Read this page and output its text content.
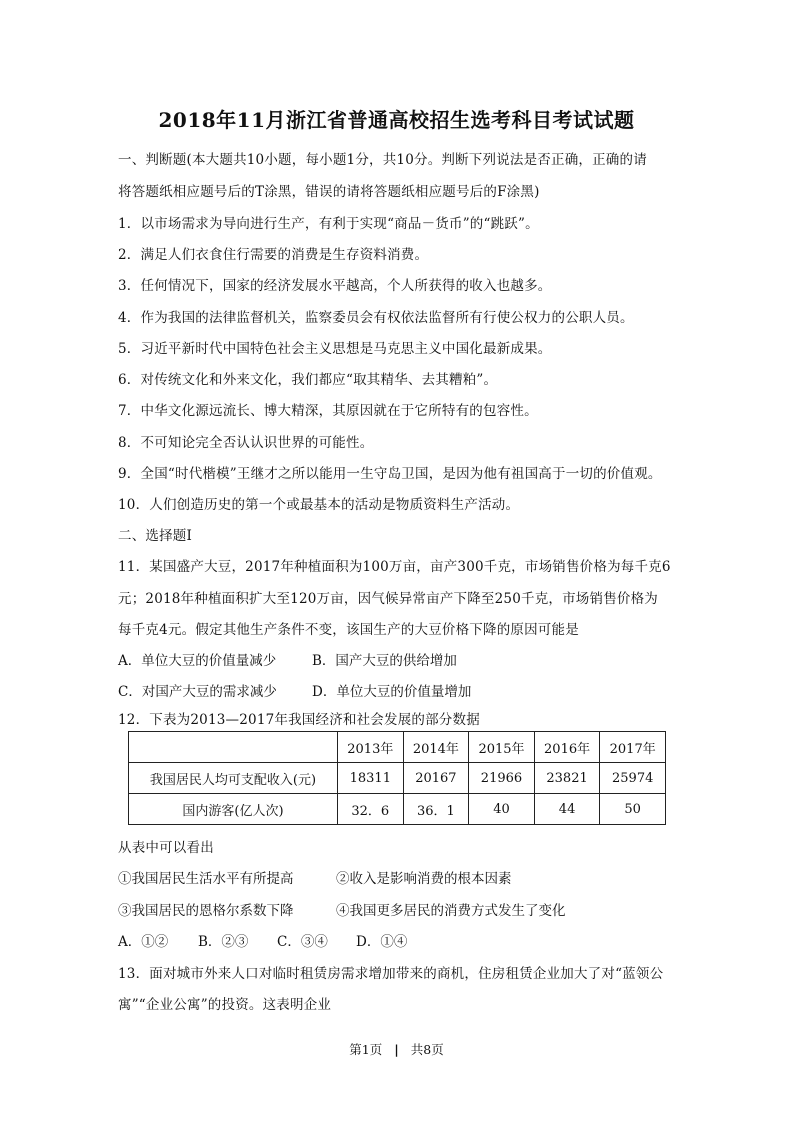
2018年11月浙江省普通高校招生选考科目考试试题
一、判断题(本大题共10小题，每小题1分，共10分。判断下列说法是否正确，正确的请
将答题纸相应题号后的T涂黑，错误的请将答题纸相应题号后的F涂黑)
1．以市场需求为导向进行生产，有利于实现“商品－货币”的“跳跃”。
2．满足人们衣食住行需要的消费是生存资料消费。
3．任何情况下，国家的经济发展水平越高，个人所获得的收入也越多。
4．作为我国的法律监督机关，监察委员会有权依法监督所有行使公权力的公职人员。
5．习近平新时代中国特色社会主义思想是马克思主义中国化最新成果。
6．对传统文化和外来文化，我们都应“取其精华、去其糟粕”。
7．中华文化源远流长、博大精深，其原因就在于它所特有的包容性。
8．不可知论完全否认认识世界的可能性。
9．全国“时代楷模”王继才之所以能用一生守岛卫国，是因为他有祖国高于一切的价值观。
10．人们创造历史的第一个或最基本的活动是物质资料生产活动。
二、选择题Ⅰ
11．某国盛产大豆，2017年种植面积为100万亩，亩产300千克，市场销售价格为每千克6
元；2018年种植面积扩大至120万亩，因气候异常亩产下降至250千克，市场销售价格为
每千克4元。假定其他生产条件不变，该国生产的大豆价格下降的原因可能是
A．单位大豆的价值量减少	B．国产大豆的供给增加
C．对国产大豆的需求减少	D．单位大豆的价值量增加
12．下表为2013—2017年我国经济和社会发展的部分数据
	2013年	2014年	2015年	2016年	2017年
我国居民人均可支配收入(元)	18311	20167	21966	23821	25974
国内游客(亿人次)	32．6	36．1	40	44	50
从表中可以看出
①我国居民生活水平有所提高	②收入是影响消费的根本因素
③我国居民的恩格尔系数下降	④我国更多居民的消费方式发生了变化
A．①② B．②③ C．③④ D．①④
13．面对城市外来人口对临时租赁房需求增加带来的商机，住房租赁企业加大了对“蓝领公
寓”“企业公寓”的投资。这表明企业
第1页 | 共8页
